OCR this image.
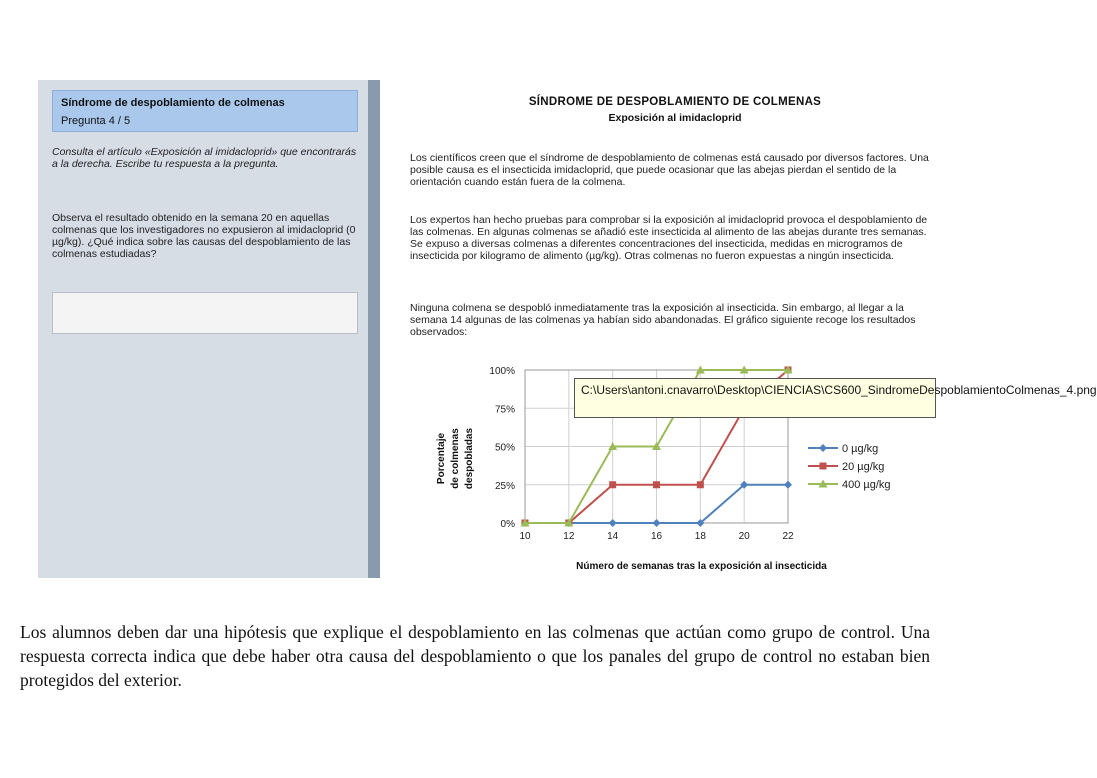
Síndrome de despoblamiento de colmenas
Pregunta 4 / 5
Consulta el artículo «Exposición al imidacloprid» que encontrarás a la derecha. Escribe tu respuesta a la pregunta.
Observa el resultado obtenido en la semana 20 en aquellas colmenas que los investigadores no expusieron al imidacloprid (0 µg/kg). ¿Qué indica sobre las causas del despoblamiento de las colmenas estudiadas?
SÍNDROME DE DESPOBLAMIENTO DE COLMENAS
Exposición al imidacloprid
Los científicos creen que el síndrome de despoblamiento de colmenas está causado por diversos factores. Una posible causa es el insecticida imidacloprid, que puede ocasionar que las abejas pierdan el sentido de la orientación cuando están fuera de la colmena.
Los expertos han hecho pruebas para comprobar si la exposición al imidacloprid provoca el despoblamiento de las colmenas. En algunas colmenas se añadió este insecticida al alimento de las abejas durante tres semanas. Se expuso a diversas colmenas a diferentes concentraciones del insecticida, medidas en microgramos de insecticida por kilogramo de alimento (µg/kg). Otras colmenas no fueron expuestas a ningún insecticida.
Ninguna colmena se despobló inmediatamente tras la exposición al insecticida. Sin embargo, al llegar a la semana 14 algunas de las colmenas ya habían sido abandonadas. El gráfico siguiente recoge los resultados observados:
0%
25%
50%
75%
100%
10	12	14	16	18	20	22
Número de semanas tras la exposición al insecticida
Porcentaje de colmenas despobladas	0 µg/kg
20 µg/kg
400 µg/kg
C:\Users\antoni.cnavarro\Desktop\CIENCIAS\CS600_SindromeDespoblamientoColmenas_4.png
Los alumnos deben dar una hipótesis que explique el despoblamiento en las colmenas que actúan como grupo de control. Una respuesta correcta indica que debe haber otra causa del despoblamiento o que los panales del grupo de control no estaban bien protegidos del exterior.
